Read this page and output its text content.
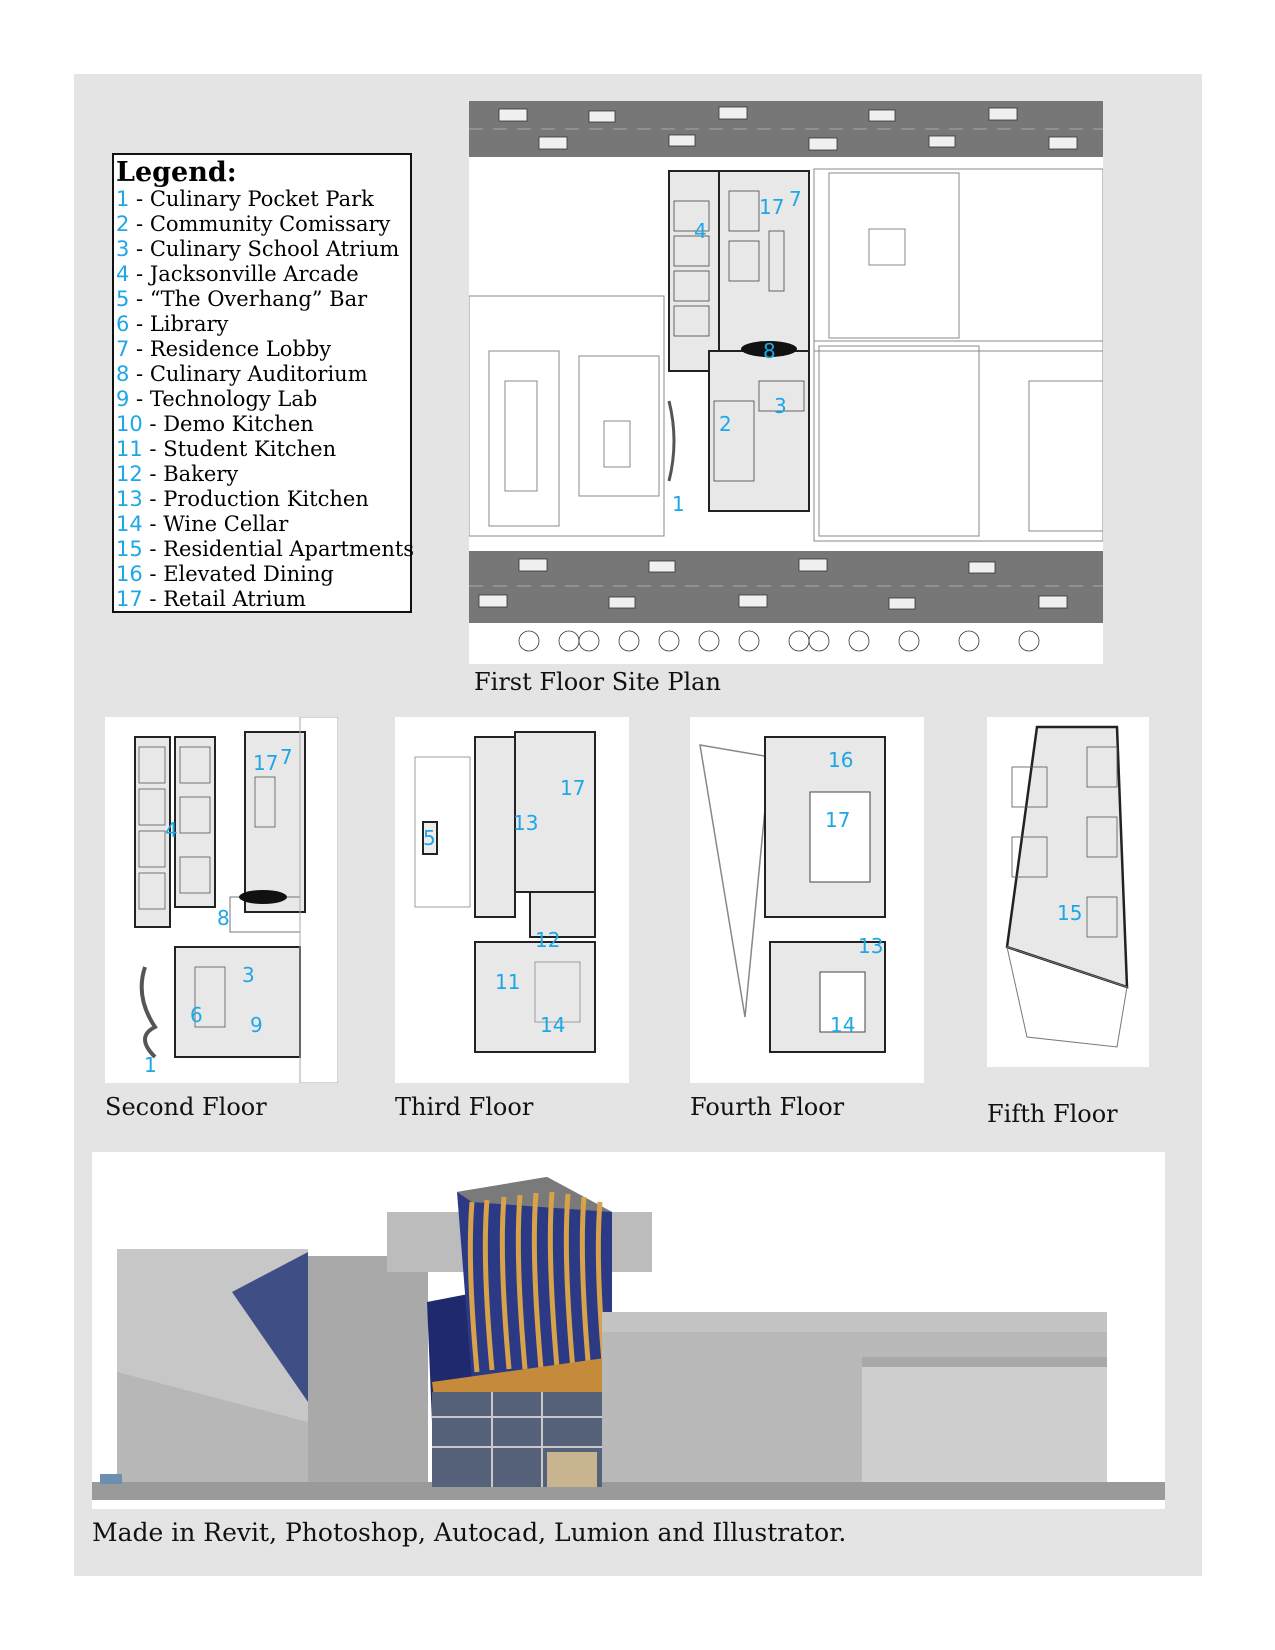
Legend:
1 - Culinary Pocket Park
2 - Community Comissary
3 - Culinary School Atrium
4 - Jacksonville Arcade
5 - “The Overhang” Bar
6 - Library
7 - Residence Lobby
8 - Culinary Auditorium
9 - Technology Lab
10 - Demo Kitchen
11 - Student Kitchen
12 - Bakery
13 - Production Kitchen
14 - Wine Cellar
15 - Residential Apartments
16 - Elevated Dining
17 - Retail Atrium
17 7
4
8
2
3
1
First Floor Site Plan
17 7
4
8
3
6 9
1
Second Floor
17
5
13
12
11
14
Third Floor
16
17
13
14
Fourth Floor
15
Fifth Floor
Made in Revit, Photoshop, Autocad, Lumion and Illustrator.
